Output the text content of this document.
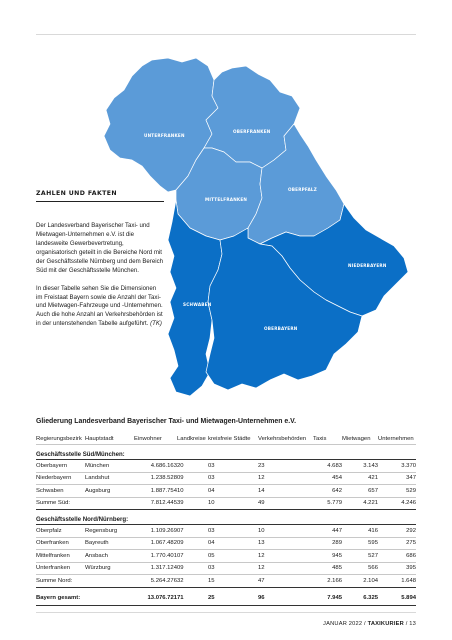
UNTERFRANKEN
OBERFRANKEN
MITTELFRANKEN
OBERPFALZ
NIEDERBAYERN
SCHWABEN
OBERBAYERN
ZAHLEN UND FAKTEN

Der Landesverband Bayerischer Taxi- und Mietwagen-Unternehmen e.V. ist die landesweite Gewerbevertretung, organisatorisch geteilt in die Bereiche Nord mit der Geschäftsstelle Nürnberg und dem Bereich Süd mit der Geschäftsstelle München.

In dieser Tabelle sehen Sie die Dimensionen im Freistaat Bayern sowie die Anzahl der Taxi- und Mietwagen-Fahrzeuge und -Unternehmen. Auch die hohe Anzahl an Verkehrsbehörden ist in der untenstehenden Tabelle aufgeführt. (TK)

Gliederung Landesverband Bayerischer Taxi- und Mietwagen-Unternehmen e.V.
Regierungsbezirk	Hauptstadt	Einwohner	Landkreise	kreisfreie Städte	Verkehrsbehörden	Taxis	Mietwagen	Unternehmen
Geschäftsstelle Süd/München:								
Oberbayern	München	4.686.163	20	03	23	4.683	3.143	3.370
Niederbayern	Landshut	1.238.528	09	03	12	454	421	347
Schwaben	Augsburg	1.887.754	10	04	14	642	657	529
Summe Süd:		7.812.445	39	10	49	5.779	4.221	4.246
Geschäftsstelle Nord/Nürnberg:								
Oberpfalz	Regensburg	1.109.269	07	03	10	447	416	292
Oberfranken	Bayreuth	1.067.482	09	04	13	289	595	275
Mittelfranken	Ansbach	1.770.401	07	05	12	945	527	686
Unterfranken	Würzburg	1.317.124	09	03	12	485	566	395
Summe Nord:		5.264.276	32	15	47	2.166	2.104	1.648

Bayern gesamt:		13.076.721	71	25	96	7.945	6.325	5.894
JANUAR 2022 / TAXIKURIER / 13
